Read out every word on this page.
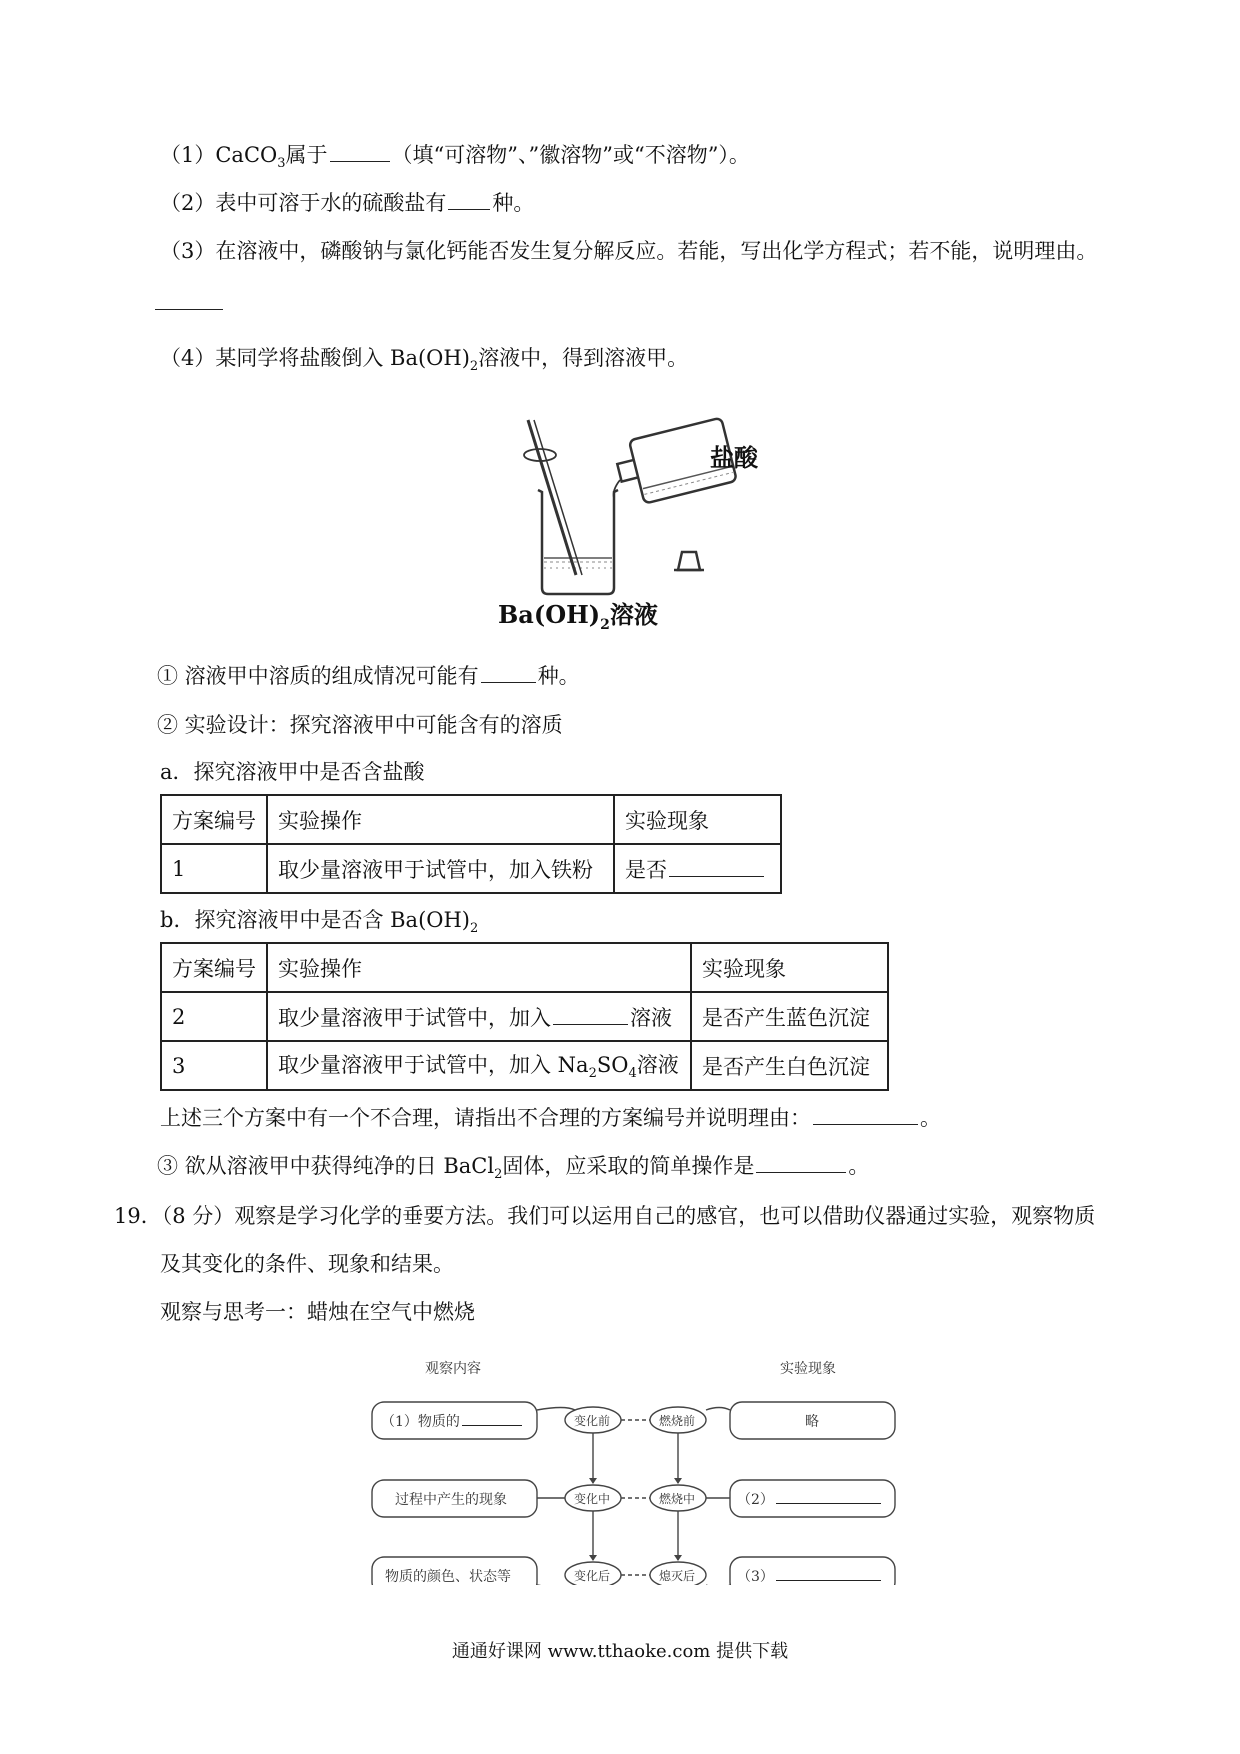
（1）CaCO$_3$属于	（填“可溶物”、”徽溶物”或“不溶物”）。
（2）表中可溶于水的硫酸盐有 种。
（3）在溶液中，磷酸钠与氯化钙能否发生复分解反应。若能，写出化学方程式；若不能，说明理由。
（4）某同学将盐酸倒入 $Ba(OH)_2$溶液中，得到溶液甲。
盐酸
$Ba(OH)_2$溶液
① 溶液甲中溶质的组成情况可能有	种。
② 实验设计：探究溶液甲中可能含有的溶质
a．探究溶液甲中是否含盐酸
方案编号	实验操作	实验现象
1	取少量溶液甲于试管中，加入铁粉	是否
b．探究溶液甲中是否含 $Ba(OH)_2$
方案编号	实验操作	实验现象
2	取少量溶液甲于试管中，加入 溶液	是否产生蓝色沉淀
3	取少量溶液甲于试管中，加入 $Na_2SO_4$溶液	是否产生白色沉淀
上述三个方案中有一个不合理，请指出不合理的方案编号并说明理由：	。
③ 欲从溶液甲中获得纯净的日 BaCl$_2$固体，应采取的简单操作是	。
19．（8 分）观察是学习化学的垂要方法。我们可以运用自己的感官，也可以借助仪器通过实验，观察物质
及其变化的条件、现象和结果。
观察与思考一：蜡烛在空气中燃烧
观察内容	实验现象
（1）物质的
过程中产生的现象
物质的颜色、状态等
变化前
变化中
变化后
燃烧前
燃烧中
熄灭后
略
（2）
（3）
通通好课网 www.tthaoke.com 提供下载
